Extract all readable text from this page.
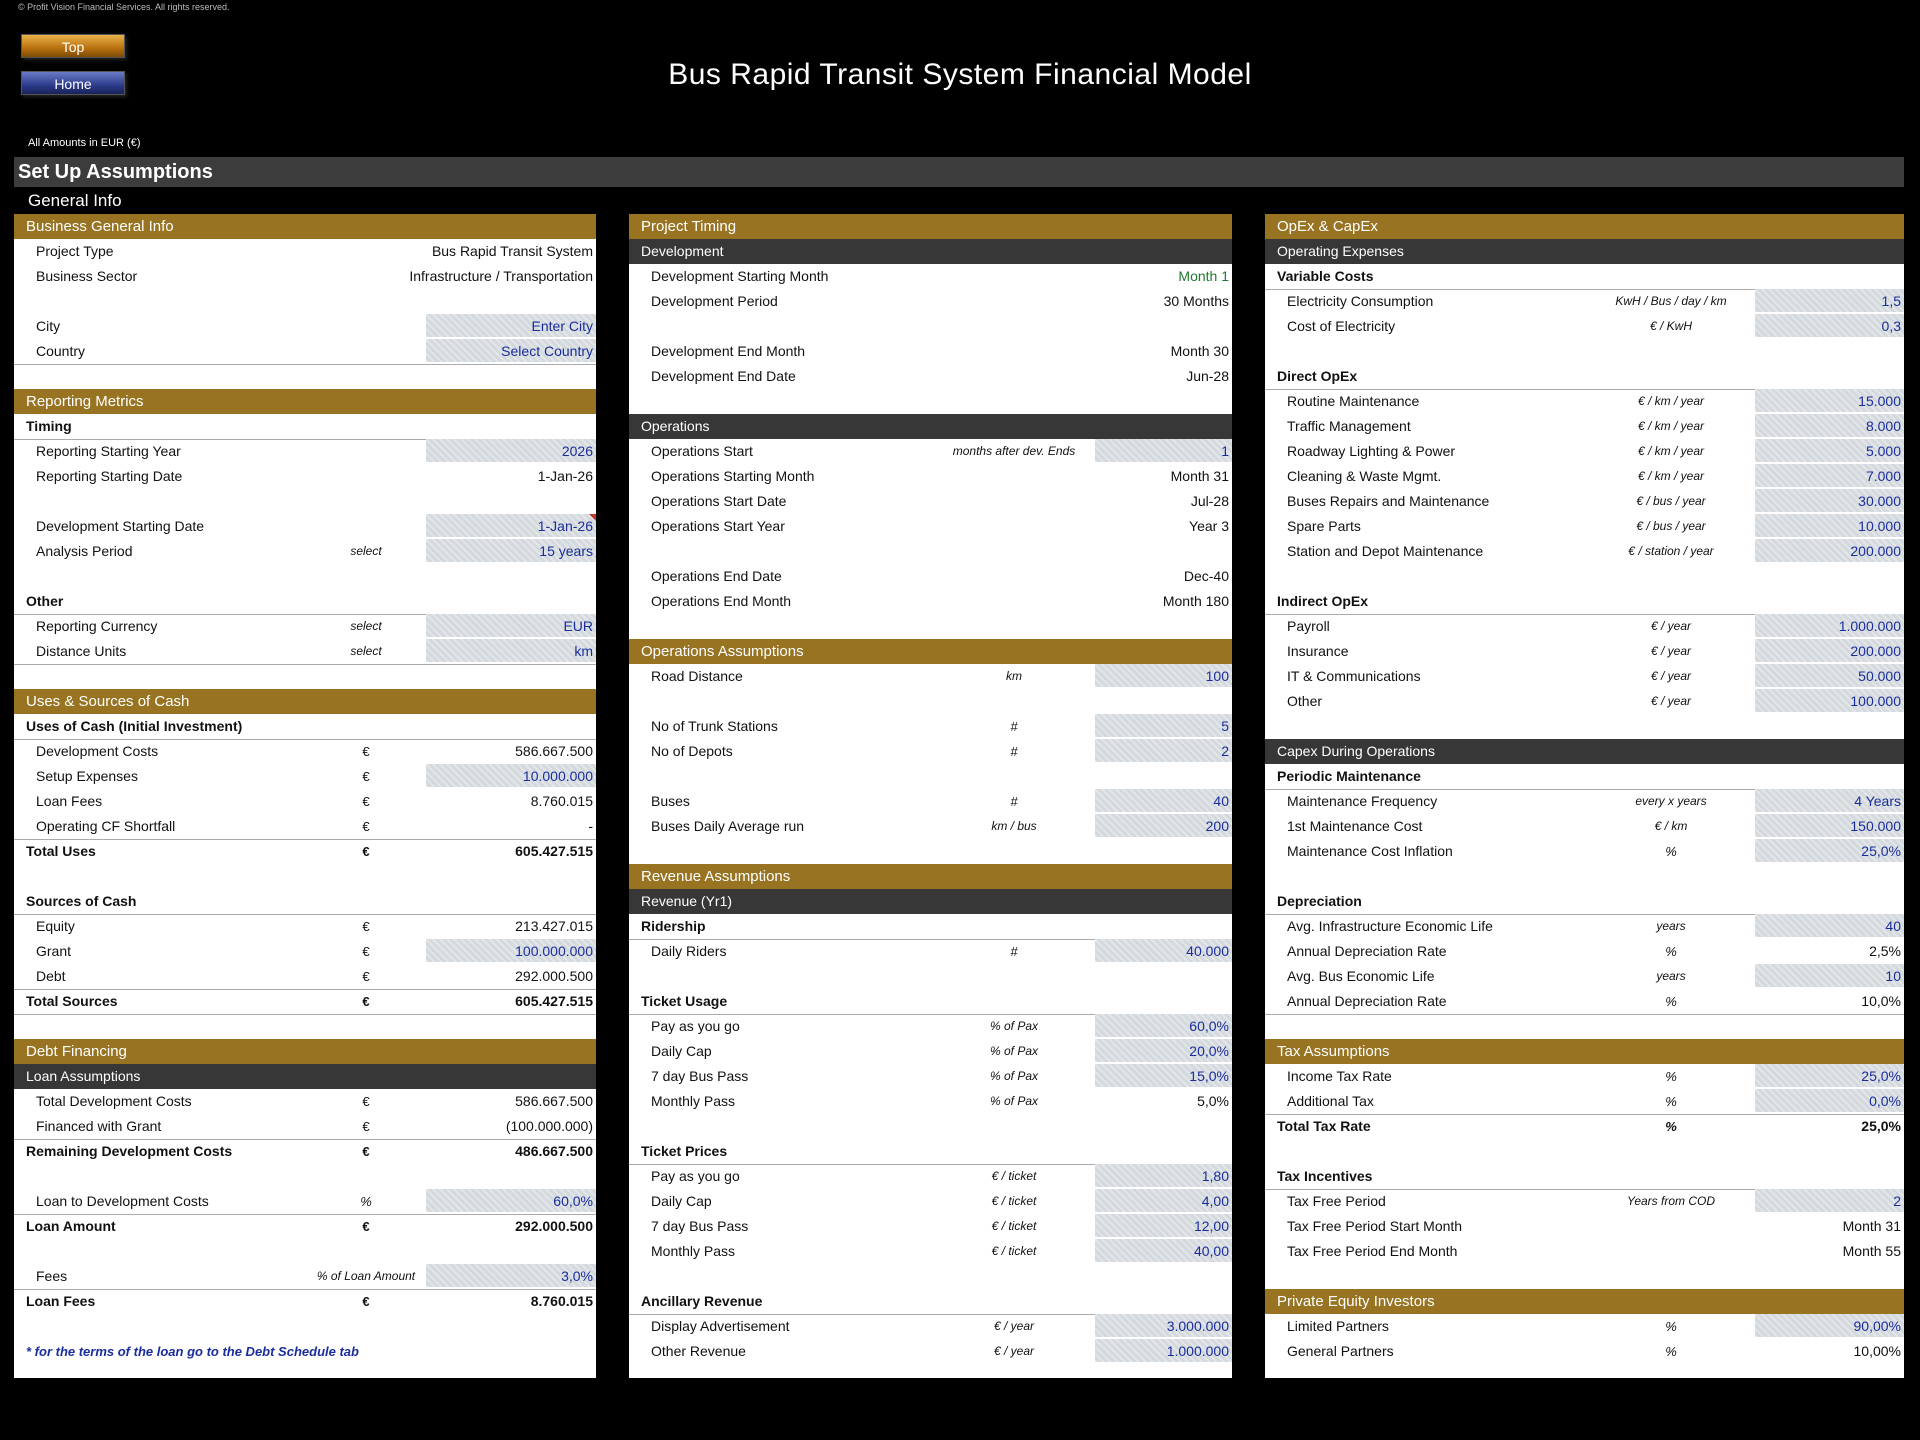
© Profit Vision Financial Services. All rights reserved.
Top
Home	Bus Rapid Transit System Financial Model
All Amounts in EUR (€)
Set Up Assumptions
General Info
Business General Info
Project Type	Bus Rapid Transit System
Business Sector	Infrastructure / Transportation
City	Enter City
Country	Select Country
Reporting Metrics
Timing
Reporting Starting Year	2026
Reporting Starting Date	1-Jan-26
Development Starting Date	1-Jan-26
Analysis Period	select	15 years
Other
Reporting Currency	select	EUR
Distance Units	select	km
Uses & Sources of Cash
Uses of Cash (Initial Investment)
Development Costs	€	586.667.500
Setup Expenses	€	10.000.000
Loan Fees	€	8.760.015
Operating CF Shortfall	€	-
Total Uses	€	605.427.515
Sources of Cash
Equity	€	213.427.015
Grant	€	100.000.000
Debt	€	292.000.500
Total Sources	€	605.427.515
Debt Financing
Loan Assumptions
Total Development Costs	€	586.667.500
Financed with Grant	€	(100.000.000)
Remaining Development Costs	€	486.667.500
Loan to Development Costs	%	60,0%
Loan Amount	€	292.000.500
Fees	% of Loan Amount	3,0%
Loan Fees	€	8.760.015
* for the terms of the loan go to the Debt Schedule tab
Project Timing
Development
Development Starting Month	Month 1
Development Period	30 Months
Development End Month	Month 30
Development End Date	Jun-28
Operations
Operations Start	months after dev. Ends	1
Operations Starting Month	Month 31
Operations Start Date	Jul-28
Operations Start Year	Year 3
Operations End Date	Dec-40
Operations End Month	Month 180
Operations Assumptions
Road Distance	km	100
No of Trunk Stations	#	5
No of Depots	#	2
Buses	#	40
Buses Daily Average run	km / bus	200
Revenue Assumptions
Revenue (Yr1)
Ridership
Daily Riders	#	40.000
Ticket Usage
Pay as you go	% of Pax	60,0%
Daily Cap	% of Pax	20,0%
7 day Bus Pass	% of Pax	15,0%
Monthly Pass	% of Pax	5,0%
Ticket Prices
Pay as you go	€ / ticket	1,80
Daily Cap	€ / ticket	4,00
7 day Bus Pass	€ / ticket	12,00
Monthly Pass	€ / ticket	40,00
Ancillary Revenue
Display Advertisement	€ / year	3.000.000
Other Revenue	€ / year	1.000.000
OpEx & CapEx
Operating Expenses
Variable Costs
Electricity Consumption	KwH / Bus / day / km	1,5
Cost of Electricity	€ / KwH	0,3
Direct OpEx
Routine Maintenance	€ / km / year	15.000
Traffic Management	€ / km / year	8.000
Roadway Lighting & Power	€ / km / year	5.000
Cleaning & Waste Mgmt.	€ / km / year	7.000
Buses Repairs and Maintenance	€ / bus / year	30.000
Spare Parts	€ / bus / year	10.000
Station and Depot Maintenance	€ / station / year	200.000
Indirect OpEx
Payroll	€ / year	1.000.000
Insurance	€ / year	200.000
IT & Communications	€ / year	50.000
Other	€ / year	100.000
Capex During Operations
Periodic Maintenance
Maintenance Frequency	every x years	4 Years
1st Maintenance Cost	€ / km	150.000
Maintenance Cost Inflation	%	25,0%
Depreciation
Avg. Infrastructure Economic Life	years	40
Annual Depreciation Rate	%	2,5%
Avg. Bus Economic Life	years	10
Annual Depreciation Rate	%	10,0%
Tax Assumptions
Income Tax Rate	%	25,0%
Additional Tax	%	0,0%
Total Tax Rate	%	25,0%
Tax Incentives
Tax Free Period	Years from COD	2
Tax Free Period Start Month	Month 31
Tax Free Period End Month	Month 55
Private Equity Investors
Limited Partners	%	90,00%
General Partners	%	10,00%
